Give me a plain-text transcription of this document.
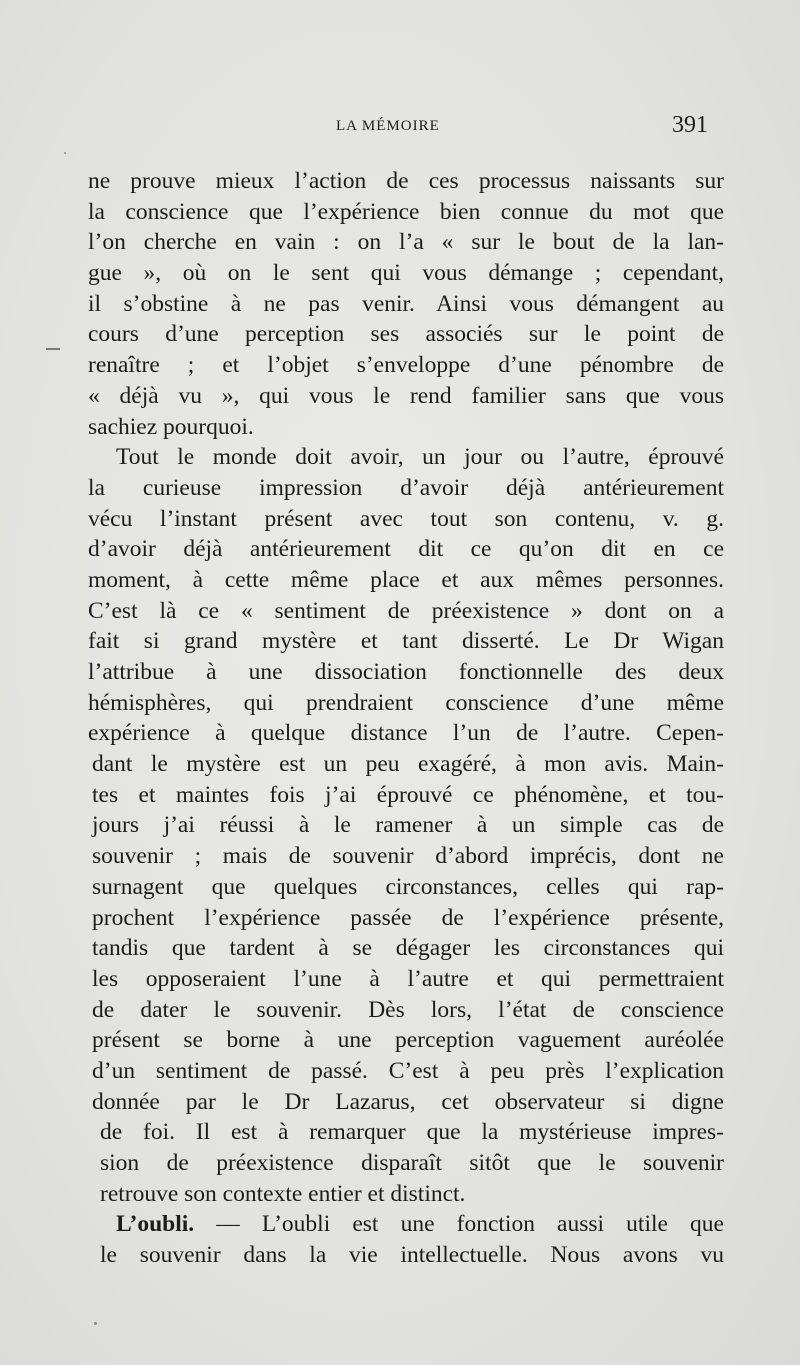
LA MÉMOIRE	391
ne prouve mieux l’action de ces processus naissants sur
la conscience que l’expérience bien connue du mot que
l’on cherche en vain : on l’a « sur le bout de la lan-
gue », où on le sent qui vous démange ; cependant,
il s’obstine à ne pas venir. Ainsi vous démangent au
cours d’une perception ses associés sur le point de
renaître ; et l’objet s’enveloppe d’une pénombre de
« déjà vu », qui vous le rend familier sans que vous
sachiez pourquoi.
Tout le monde doit avoir, un jour ou l’autre, éprouvé
la curieuse impression d’avoir déjà antérieurement
vécu l’instant présent avec tout son contenu, v. g.
d’avoir déjà antérieurement dit ce qu’on dit en ce
moment, à cette même place et aux mêmes personnes.
C’est là ce « sentiment de préexistence » dont on a
fait si grand mystère et tant disserté. Le Dr Wigan
l’attribue à une dissociation fonctionnelle des deux
hémisphères, qui prendraient conscience d’une même
expérience à quelque distance l’un de l’autre. Cepen-
dant le mystère est un peu exagéré, à mon avis. Main-
tes et maintes fois j’ai éprouvé ce phénomène, et tou-
jours j’ai réussi à le ramener à un simple cas de
souvenir ; mais de souvenir d’abord imprécis, dont ne
surnagent que quelques circonstances, celles qui rap-
prochent l’expérience passée de l’expérience présente,
tandis que tardent à se dégager les circonstances qui
les opposeraient l’une à l’autre et qui permettraient
de dater le souvenir. Dès lors, l’état de conscience
présent se borne à une perception vaguement auréolée
d’un sentiment de passé. C’est à peu près l’explication
donnée par le Dr Lazarus, cet observateur si digne
de foi. Il est à remarquer que la mystérieuse impres-
sion de préexistence disparaît sitôt que le souvenir
retrouve son contexte entier et distinct.
L’oubli. — L’oubli est une fonction aussi utile que
le souvenir dans la vie intellectuelle. Nous avons vu
